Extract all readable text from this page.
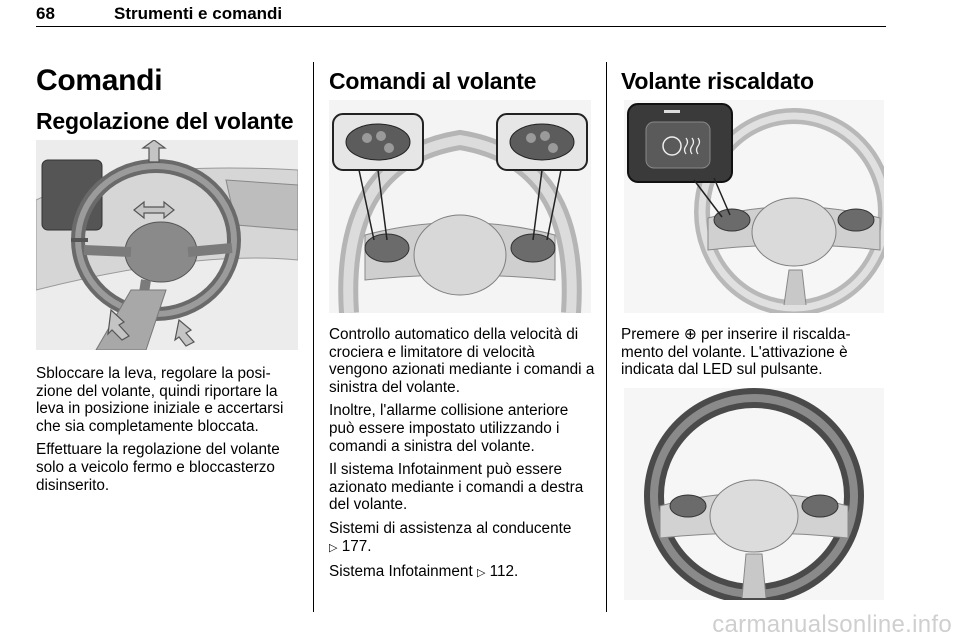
68	Strumenti e comandi
Comandi
Regolazione del volante

Sbloccare la leva, regolare la posi-zione del volante, quindi riportare la leva in posizione iniziale e accertarsi che sia completamente bloccata.

Effettuare la regolazione del volante solo a veicolo fermo e bloccasterzo disinserito.

Comandi al volante

Controllo automatico della velocità di crociera e limitatore di velocità vengono azionati mediante i comandi a sinistra del volante.

Inoltre, l'allarme collisione anteriore può essere impostato utilizzando i comandi a sinistra del volante.

Il sistema Infotainment può essere azionato mediante i comandi a destra del volante.

Sistemi di assistenza al conducente
▷ 177.

Sistema Infotainment ▷ 112.

Volante riscaldato

Premere ⊕ per inserire il riscalda-mento del volante. L'attivazione è indicata dal LED sul pulsante.

carmanualsonline.info
